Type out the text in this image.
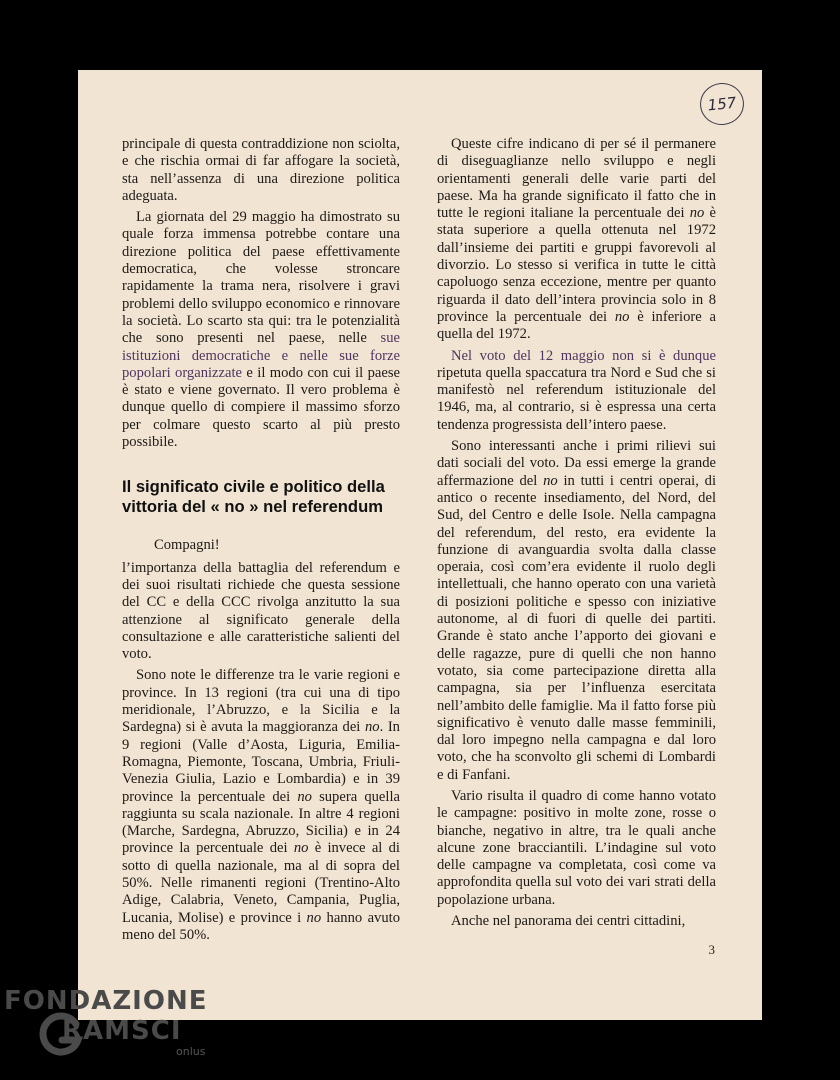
157

principale di questa contraddizione non sciolta, e che rischia ormai di far affogare la società, sta nell’assenza di una direzione politica adeguata.

La giornata del 29 maggio ha dimostrato su quale forza immensa potrebbe contare una direzione politica del paese effettivamente democratica, che volesse stroncare rapidamente la trama nera, risolvere i gravi problemi dello sviluppo economico e rinnovare la società. Lo scarto sta qui: tra le potenzialità che sono presenti nel paese, nelle sue istituzioni democratiche e nelle sue forze popolari organizzate e il modo con cui il paese è stato e viene governato. Il vero problema è dunque quello di compiere il massimo sforzo per colmare questo scarto al più presto possibile.

Il significato civile e politico della vittoria del « no » nel referendum

Compagni!

l’importanza della battaglia del referendum e dei suoi risultati richiede che questa sessione del CC e della CCC rivolga anzitutto la sua attenzione al significato generale della consultazione e alle caratteristiche salienti del voto.

Sono note le differenze tra le varie regioni e province. In 13 regioni (tra cui una di tipo meridionale, l’Abruzzo, e la Sicilia e la Sardegna) si è avuta la maggioranza dei no. In 9 regioni (Valle d’Aosta, Liguria, Emilia-Romagna, Piemonte, Toscana, Umbria, Friuli-Venezia Giulia, Lazio e Lombardia) e in 39 province la percentuale dei no supera quella raggiunta su scala nazionale. In altre 4 regioni (Marche, Sardegna, Abruzzo, Sicilia) e in 24 province la percentuale dei no è invece al di sotto di quella nazionale, ma al di sopra del 50%. Nelle rimanenti regioni (Trentino-Alto Adige, Calabria, Veneto, Campania, Puglia, Lucania, Molise) e province i no hanno avuto meno del 50%.

Queste cifre indicano di per sé il permanere di diseguaglianze nello sviluppo e negli orientamenti generali delle varie parti del paese. Ma ha grande significato il fatto che in tutte le regioni italiane la percentuale dei no è stata superiore a quella ottenuta nel 1972 dall’insieme dei partiti e gruppi favorevoli al divorzio. Lo stesso si verifica in tutte le città capoluogo senza eccezione, mentre per quanto riguarda il dato dell’intera provincia solo in 8 province la percentuale dei no è inferiore a quella del 1972.

Nel voto del 12 maggio non si è dunque ripetuta quella spaccatura tra Nord e Sud che si manifestò nel referendum istituzionale del 1946, ma, al contrario, si è espressa una certa tendenza progressista dell’intero paese.

Sono interessanti anche i primi rilievi sui dati sociali del voto. Da essi emerge la grande affermazione del no in tutti i centri operai, di antico o recente insediamento, del Nord, del Sud, del Centro e delle Isole. Nella campagna del referendum, del resto, era evidente la funzione di avanguardia svolta dalla classe operaia, così com’era evidente il ruolo degli intellettuali, che hanno operato con una varietà di posizioni politiche e spesso con iniziative autonome, al di fuori di quelle dei partiti. Grande è stato anche l’apporto dei giovani e delle ragazze, pure di quelli che non hanno votato, sia come partecipazione diretta alla campagna, sia per l’influenza esercitata nell’ambito delle famiglie. Ma il fatto forse più significativo è venuto dalle masse femminili, dal loro impegno nella campagna e dal loro voto, che ha sconvolto gli schemi di Lombardi e di Fanfani.

Vario risulta il quadro di come hanno votato le campagne: positivo in molte zone, rosse o bianche, negativo in altre, tra le quali anche alcune zone bracciantili. L’indagine sul voto delle campagne va completata, così come va approfondita quella sul voto dei vari strati della popolazione urbana.

Anche nel panorama dei centri cittadini,

3
FONDAZIONE
RAMSCI
onlus
